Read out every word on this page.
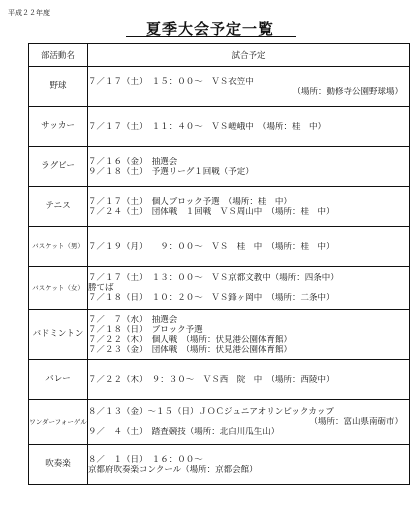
平成２２年度
夏季大会予定一覧
部活動名	試合予定
野球	７／１７（土）　１５：００～　ＶＳ衣笠中
（場所：動修寺公園野球場）

サッカー	７／１７（土）　１１：４０～　ＶＳ嵯峨中　（場所：桂　中）

ラグビー	７／１６（金）　抽選会
９／１８（土）　予選リーグ１回戦（予定）

テニス	７／１７（土）　個人ブロック予選　（場所：桂　中）
７／２４（土）　団体戦　１回戦　ＶＳ周山中　（場所：桂　中）

バスケット（男）	７／１９（月）　　９：００～　ＶＳ　桂　中　（場所：桂　中）

バスケット（女）	７／１７（土）　１３：００～　ＶＳ京都文教中（場所：四条中）
勝てば
７／１８（日）　１０：２０～　ＶＳ鋒ヶ岡中　（場所：二条中）

バドミントン	７／　７（水）　抽選会
７／１８（日）　ブロック予選
７／２２（木）　個人戦　（場所：伏見港公園体育館）
７／２３（金）　団体戦　（場所：伏見港公園体育館）

バレー	７／２２（木）　９：３０～　ＶＳ西　院　中　（場所：西陵中）

ワンダーフォーゲル	８／１３（金）～１５（日）ＪＯＣジュニアオリンピックカップ
（場所：富山県南砺市）
９／　４（土）　踏査競技（場所：北白川瓜生山）

吹奏楽	８／　１（日）　１６：００～
京都府吹奏楽コンクール（場所：京都会館）
